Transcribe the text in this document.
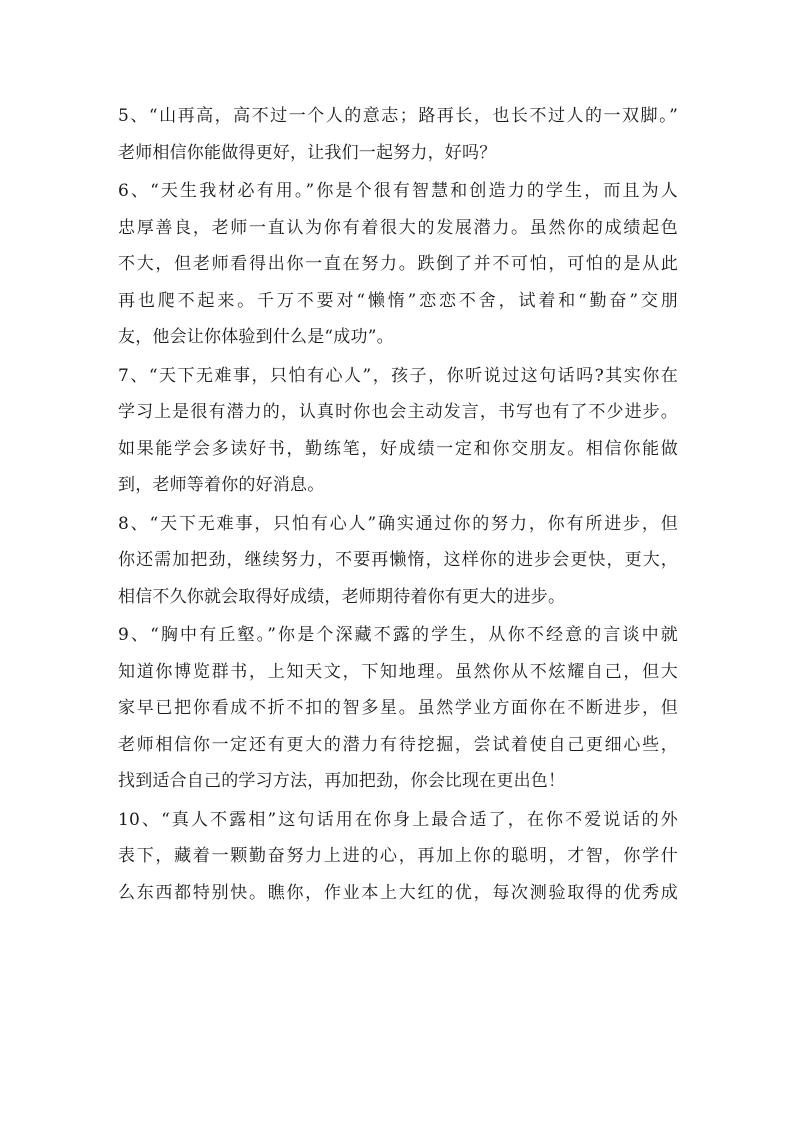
5、“山再高，高不过一个人的意志；路再长，也长不过人的一双脚。”
老师相信你能做得更好，让我们一起努力，好吗？

6、“天生我材必有用。”你是个很有智慧和创造力的学生，而且为人
忠厚善良，老师一直认为你有着很大的发展潜力。虽然你的成绩起色
不大，但老师看得出你一直在努力。跌倒了并不可怕，可怕的是从此
再也爬不起来。千万不要对“懒惰”恋恋不舍，试着和“勤奋”交朋
友，他会让你体验到什么是“成功”。

7、“天下无难事，只怕有心人”，孩子，你听说过这句话吗?其实你在
学习上是很有潜力的，认真时你也会主动发言，书写也有了不少进步。
如果能学会多读好书，勤练笔，好成绩一定和你交朋友。相信你能做
到，老师等着你的好消息。

8、“天下无难事，只怕有心人”确实通过你的努力，你有所进步，但
你还需加把劲，继续努力，不要再懒惰，这样你的进步会更快，更大，
相信不久你就会取得好成绩，老师期待着你有更大的进步。

9、“胸中有丘壑。”你是个深藏不露的学生，从你不经意的言谈中就
知道你博览群书，上知天文，下知地理。虽然你从不炫耀自己，但大
家早已把你看成不折不扣的智多星。虽然学业方面你在不断进步，但
老师相信你一定还有更大的潜力有待挖掘，尝试着使自己更细心些，
找到适合自己的学习方法，再加把劲，你会比现在更出色！

10、“真人不露相”这句话用在你身上最合适了，在你不爱说话的外
表下，藏着一颗勤奋努力上进的心，再加上你的聪明，才智，你学什
么东西都特别快。瞧你，作业本上大红的优，每次测验取得的优秀成
